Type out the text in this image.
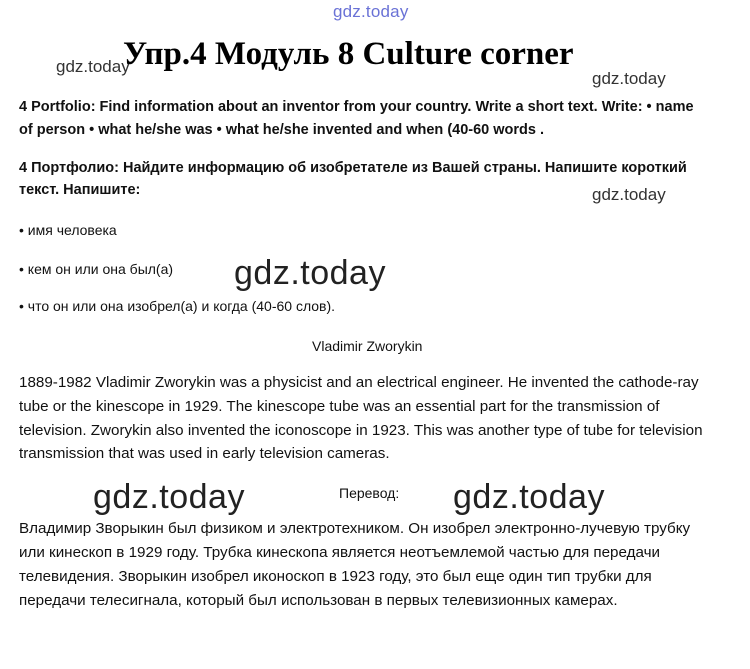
gdz.today
gdz.today
gdz.today
gdz.today
gdz.today
gdz.today	gdz.today
Упр.4 Модуль 8 Culture corner
4 Portfolio: Find information about an inventor from your country. Write a short text. Write: • name
of person • what he/she was • what he/she invented and when (40-60 words .
4 Портфолио: Найдите информацию об изобретателе из Вашей страны. Напишите короткий
текст. Напишите:
• имя человека
• кем он или она был(а)
• что он или она изобрел(а) и когда (40-60 слов).
Vladimir Zworykin
1889-1982 Vladimir Zworykin was a physicist and an electrical engineer. He invented the cathode-ray
tube or the kinescope in 1929. The kinescope tube was an essential part for the transmission of
television. Zworykin also invented the iconoscope in 1923. This was another type of tube for television
transmission that was used in early television cameras.
Перевод:
Владимир Зворыкин был физиком и электротехником. Он изобрел электронно-лучевую трубку
или кинескоп в 1929 году. Трубка кинескопа является неотъемлемой частью для передачи
телевидения. Зворыкин изобрел иконоскоп в 1923 году, это был еще один тип трубки для
передачи телесигнала, который был использован в первых телевизионных камерах.
